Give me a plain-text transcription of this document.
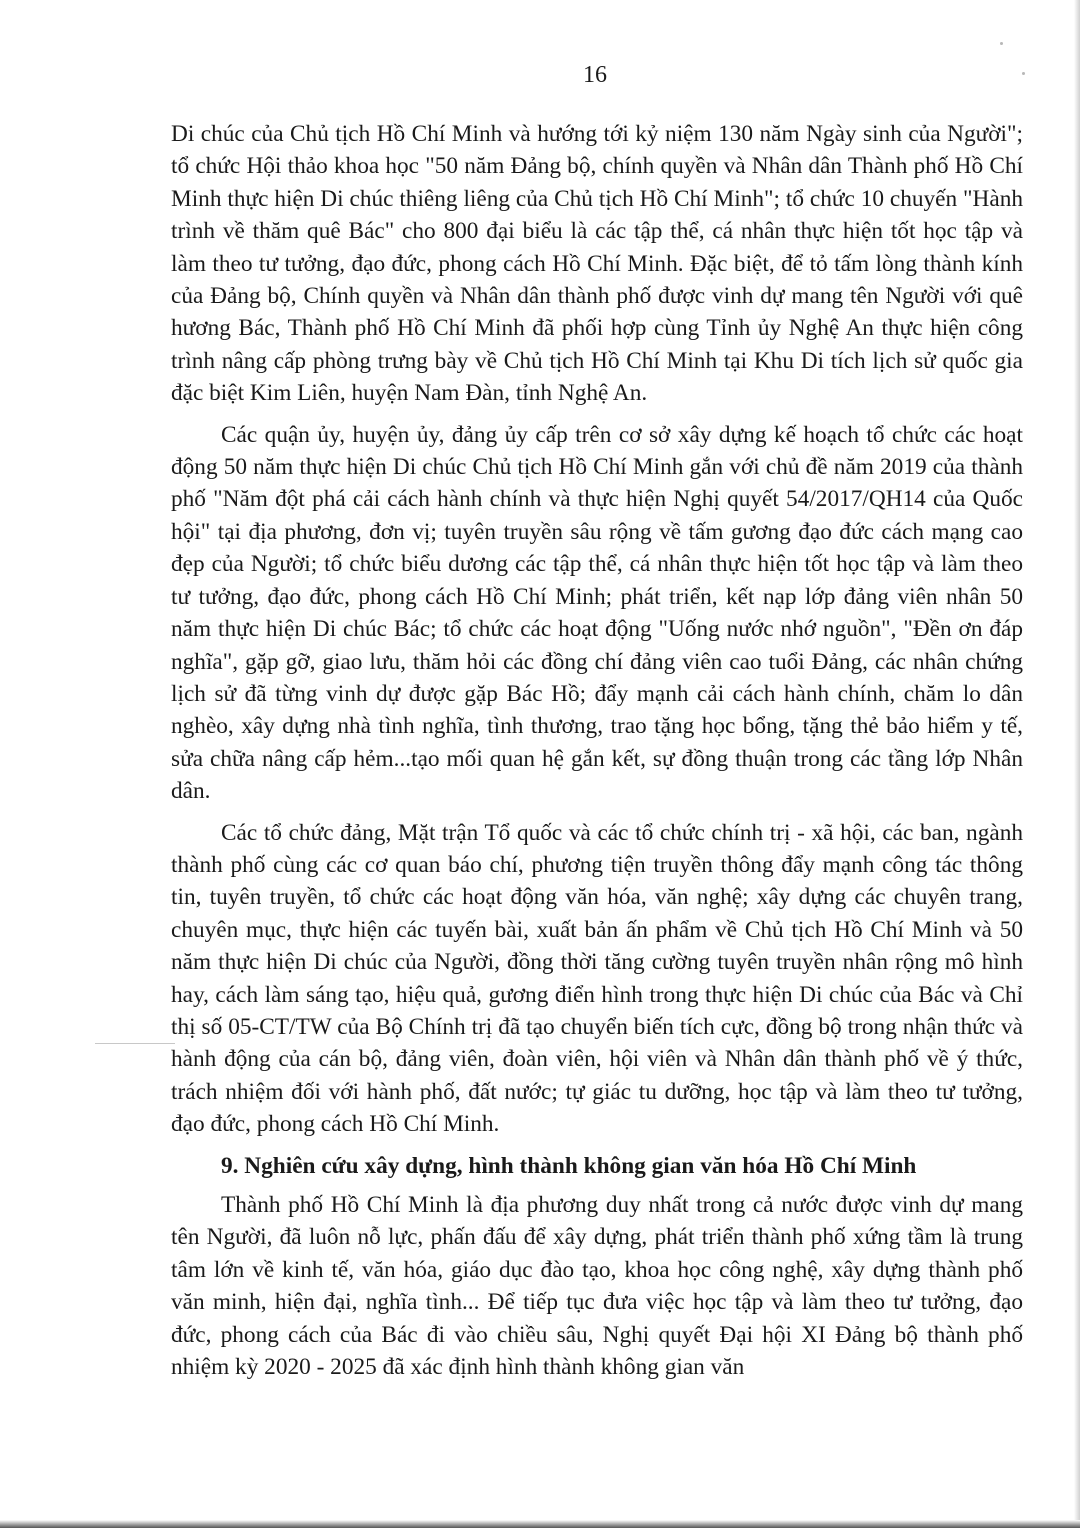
16

Di chúc của Chủ tịch Hồ Chí Minh và hướng tới kỷ niệm 130 năm Ngày sinh của Người"; tổ chức Hội thảo khoa học "50 năm Đảng bộ, chính quyền và Nhân dân Thành phố Hồ Chí Minh thực hiện Di chúc thiêng liêng của Chủ tịch Hồ Chí Minh"; tổ chức 10 chuyến "Hành trình về thăm quê Bác" cho 800 đại biểu là các tập thể, cá nhân thực hiện tốt học tập và làm theo tư tưởng, đạo đức, phong cách Hồ Chí Minh. Đặc biệt, để tỏ tấm lòng thành kính của Đảng bộ, Chính quyền và Nhân dân thành phố được vinh dự mang tên Người với quê hương Bác, Thành phố Hồ Chí Minh đã phối hợp cùng Tỉnh ủy Nghệ An thực hiện công trình nâng cấp phòng trưng bày về Chủ tịch Hồ Chí Minh tại Khu Di tích lịch sử quốc gia đặc biệt Kim Liên, huyện Nam Đàn, tỉnh Nghệ An.

Các quận ủy, huyện ủy, đảng ủy cấp trên cơ sở xây dựng kế hoạch tổ chức các hoạt động 50 năm thực hiện Di chúc Chủ tịch Hồ Chí Minh gắn với chủ đề năm 2019 của thành phố "Năm đột phá cải cách hành chính và thực hiện Nghị quyết 54/2017/QH14 của Quốc hội" tại địa phương, đơn vị; tuyên truyền sâu rộng về tấm gương đạo đức cách mạng cao đẹp của Người; tổ chức biểu dương các tập thể, cá nhân thực hiện tốt học tập và làm theo tư tưởng, đạo đức, phong cách Hồ Chí Minh; phát triển, kết nạp lớp đảng viên nhân 50 năm thực hiện Di chúc Bác; tổ chức các hoạt động "Uống nước nhớ nguồn", "Đền ơn đáp nghĩa", gặp gỡ, giao lưu, thăm hỏi các đồng chí đảng viên cao tuổi Đảng, các nhân chứng lịch sử đã từng vinh dự được gặp Bác Hồ; đẩy mạnh cải cách hành chính, chăm lo dân nghèo, xây dựng nhà tình nghĩa, tình thương, trao tặng học bổng, tặng thẻ bảo hiểm y tế, sửa chữa nâng cấp hẻm...tạo mối quan hệ gắn kết, sự đồng thuận trong các tầng lớp Nhân dân.

Các tổ chức đảng, Mặt trận Tổ quốc và các tổ chức chính trị - xã hội, các ban, ngành thành phố cùng các cơ quan báo chí, phương tiện truyền thông đẩy mạnh công tác thông tin, tuyên truyền, tổ chức các hoạt động văn hóa, văn nghệ; xây dựng các chuyên trang, chuyên mục, thực hiện các tuyến bài, xuất bản ấn phẩm về Chủ tịch Hồ Chí Minh và 50 năm thực hiện Di chúc của Người, đồng thời tăng cường tuyên truyền nhân rộng mô hình hay, cách làm sáng tạo, hiệu quả, gương điển hình trong thực hiện Di chúc của Bác và Chỉ thị số 05-CT/TW của Bộ Chính trị đã tạo chuyển biến tích cực, đồng bộ trong nhận thức và hành động của cán bộ, đảng viên, đoàn viên, hội viên và Nhân dân thành phố về ý thức, trách nhiệm đối với hành phố, đất nước; tự giác tu dưỡng, học tập và làm theo tư tưởng, đạo đức, phong cách Hồ Chí Minh.

9. Nghiên cứu xây dựng, hình thành không gian văn hóa Hồ Chí Minh

Thành phố Hồ Chí Minh là địa phương duy nhất trong cả nước được vinh dự mang tên Người, đã luôn nỗ lực, phấn đấu để xây dựng, phát triển thành phố xứng tầm là trung tâm lớn về kinh tế, văn hóa, giáo dục đào tạo, khoa học công nghệ, xây dựng thành phố văn minh, hiện đại, nghĩa tình... Để tiếp tục đưa việc học tập và làm theo tư tưởng, đạo đức, phong cách của Bác đi vào chiều sâu, Nghị quyết Đại hội XI Đảng bộ thành phố nhiệm kỳ 2020 - 2025 đã xác định hình thành không gian văn
